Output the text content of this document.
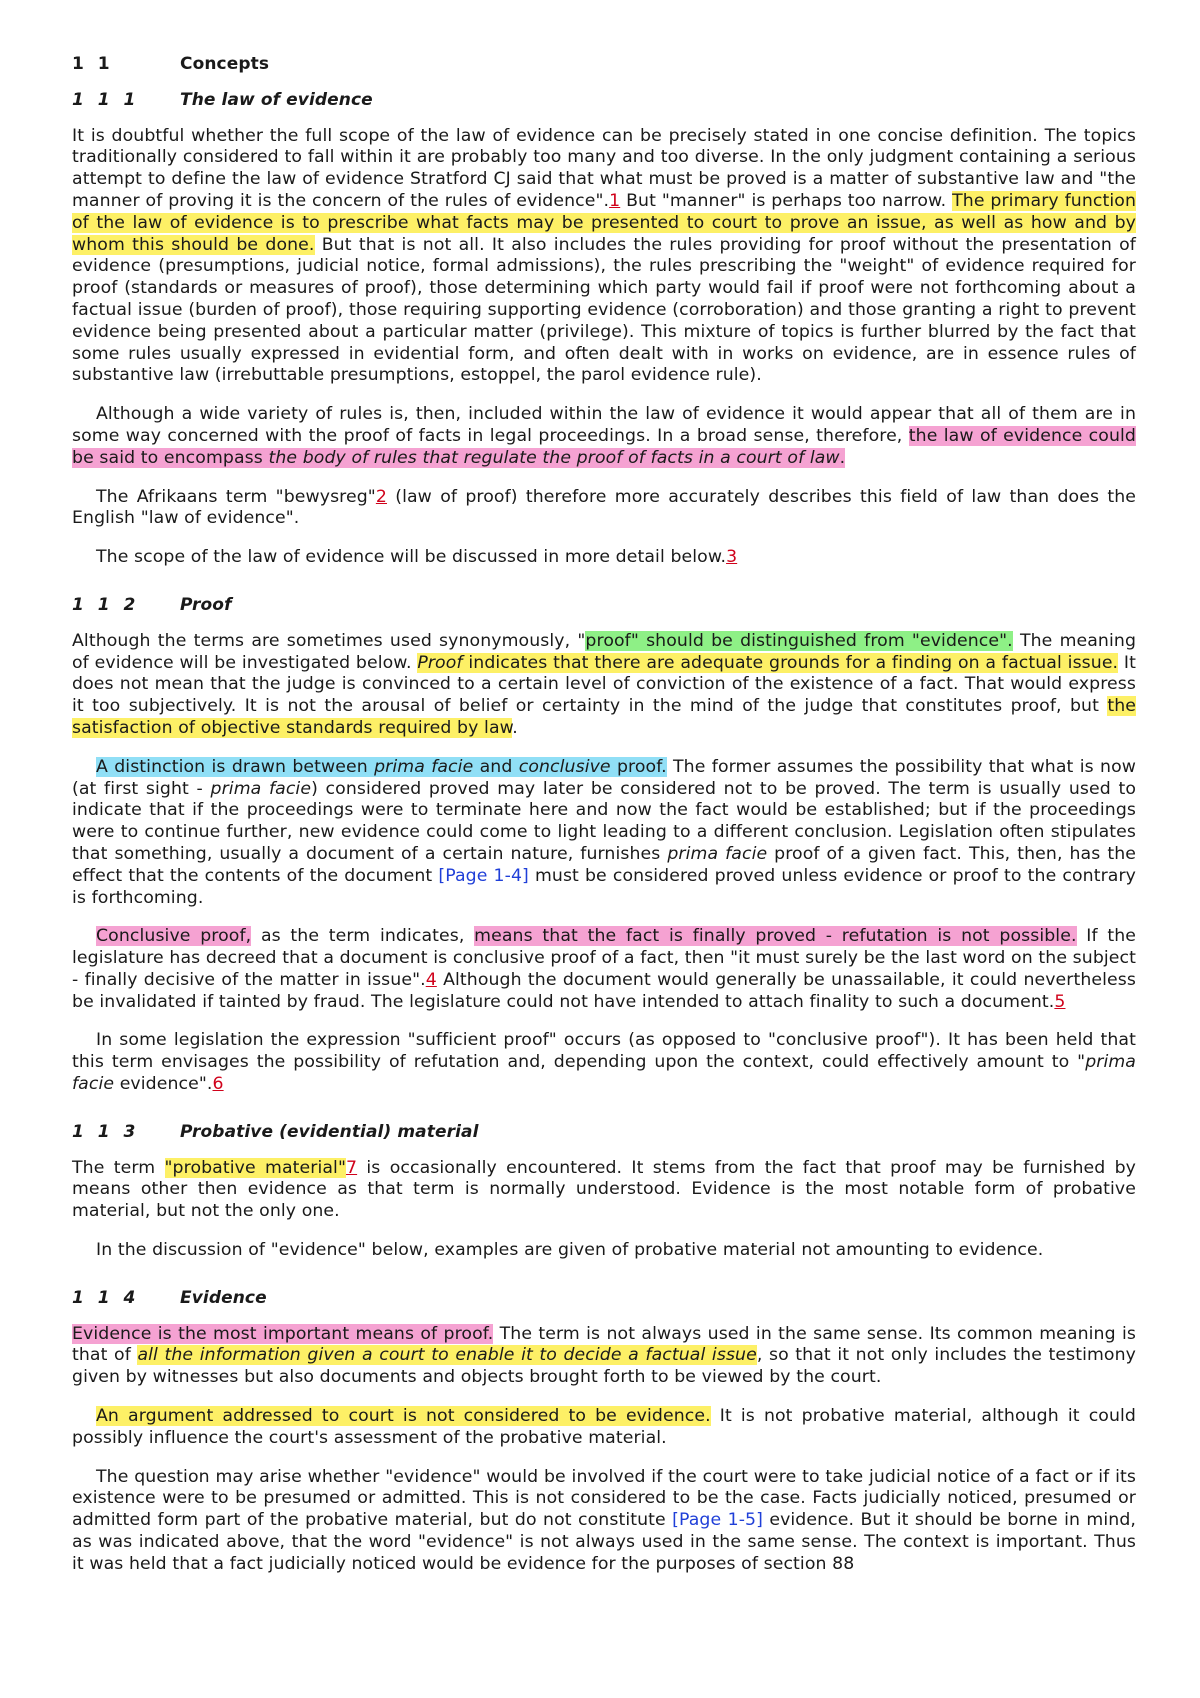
1 1	Concepts
1 1 1	The law of evidence

It is doubtful whether the full scope of the law of evidence can be precisely stated in one concise definition. The topics traditionally considered to fall within it are probably too many and too diverse. In the only judgment containing a serious attempt to define the law of evidence Stratford CJ said that what must be proved is a matter of substantive law and "the manner of proving it is the concern of the rules of evidence".1 But "manner" is perhaps too narrow. The primary function of the law of evidence is to prescribe what facts may be presented to court to prove an issue, as well as how and by whom this should be done. But that is not all. It also includes the rules providing for proof without the presentation of evidence (presumptions, judicial notice, formal admissions), the rules prescribing the "weight" of evidence required for proof (standards or measures of proof), those determining which party would fail if proof were not forthcoming about a factual issue (burden of proof), those requiring supporting evidence (corroboration) and those granting a right to prevent evidence being presented about a particular matter (privilege). This mixture of topics is further blurred by the fact that some rules usually expressed in evidential form, and often dealt with in works on evidence, are in essence rules of substantive law (irrebuttable presumptions, estoppel, the parol evidence rule).

Although a wide variety of rules is, then, included within the law of evidence it would appear that all of them are in some way concerned with the proof of facts in legal proceedings. In a broad sense, therefore, the law of evidence could be said to encompass the body of rules that regulate the proof of facts in a court of law.

The Afrikaans term "bewysreg"2 (law of proof) therefore more accurately describes this field of law than does the English "law of evidence".

The scope of the law of evidence will be discussed in more detail below.3

1 1 2	Proof

Although the terms are sometimes used synonymously, "proof" should be distinguished from "evidence". The meaning of evidence will be investigated below. Proof indicates that there are adequate grounds for a finding on a factual issue. It does not mean that the judge is convinced to a certain level of conviction of the existence of a fact. That would express it too subjectively. It is not the arousal of belief or certainty in the mind of the judge that constitutes proof, but the satisfaction of objective standards required by law.

A distinction is drawn between prima facie and conclusive proof. The former assumes the possibility that what is now (at first sight - prima facie) considered proved may later be considered not to be proved. The term is usually used to indicate that if the proceedings were to terminate here and now the fact would be established; but if the proceedings were to continue further, new evidence could come to light leading to a different conclusion. Legislation often stipulates that something, usually a document of a certain nature, furnishes prima facie proof of a given fact. This, then, has the effect that the contents of the document [Page 1-4] must be considered proved unless evidence or proof to the contrary is forthcoming.

Conclusive proof, as the term indicates, means that the fact is finally proved - refutation is not possible. If the legislature has decreed that a document is conclusive proof of a fact, then "it must surely be the last word on the subject - finally decisive of the matter in issue".4 Although the document would generally be unassailable, it could nevertheless be invalidated if tainted by fraud. The legislature could not have intended to attach finality to such a document.5

In some legislation the expression "sufficient proof" occurs (as opposed to "conclusive proof"). It has been held that this term envisages the possibility of refutation and, depending upon the context, could effectively amount to "prima facie evidence".6

1 1 3	Probative (evidential) material

The term "probative material"7 is occasionally encountered. It stems from the fact that proof may be furnished by means other then evidence as that term is normally understood. Evidence is the most notable form of probative material, but not the only one.

In the discussion of "evidence" below, examples are given of probative material not amounting to evidence.

1 1 4	Evidence

Evidence is the most important means of proof. The term is not always used in the same sense. Its common meaning is that of all the information given a court to enable it to decide a factual issue, so that it not only includes the testimony given by witnesses but also documents and objects brought forth to be viewed by the court.

An argument addressed to court is not considered to be evidence. It is not probative material, although it could possibly influence the court's assessment of the probative material.

The question may arise whether "evidence" would be involved if the court were to take judicial notice of a fact or if its existence were to be presumed or admitted. This is not considered to be the case. Facts judicially noticed, presumed or admitted form part of the probative material, but do not constitute [Page 1-5] evidence. But it should be borne in mind, as was indicated above, that the word "evidence" is not always used in the same sense. The context is important. Thus it was held that a fact judicially noticed would be evidence for the purposes of section 88
